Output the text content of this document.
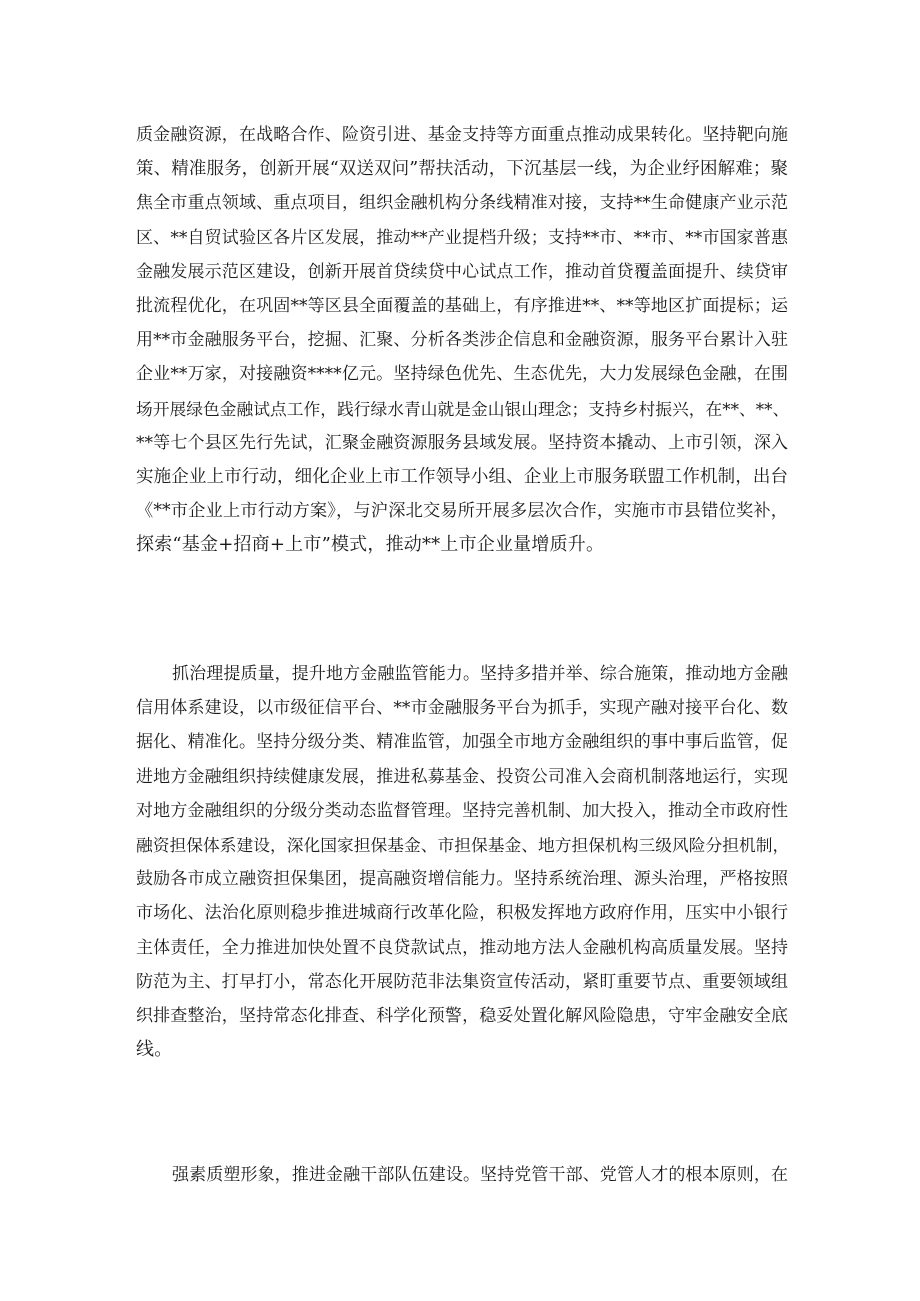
质金融资源，在战略合作、险资引进、基金支持等方面重点推动成果转化。坚持靶向施
策、精准服务，创新开展“双送双问”帮扶活动，下沉基层一线，为企业纾困解难；聚
焦全市重点领域、重点项目，组织金融机构分条线精准对接，支持**生命健康产业示范
区、**自贸试验区各片区发展，推动**产业提档升级；支持**市、**市、**市国家普惠
金融发展示范区建设，创新开展首贷续贷中心试点工作，推动首贷覆盖面提升、续贷审
批流程优化，在巩固**等区县全面覆盖的基础上，有序推进**、**等地区扩面提标；运
用**市金融服务平台，挖掘、汇聚、分析各类涉企信息和金融资源，服务平台累计入驻
企业**万家，对接融资****亿元。坚持绿色优先、生态优先，大力发展绿色金融，在围
场开展绿色金融试点工作，践行绿水青山就是金山银山理念；支持乡村振兴，在**、**、
**等七个县区先行先试，汇聚金融资源服务县域发展。坚持资本撬动、上市引领，深入
实施企业上市行动，细化企业上市工作领导小组、企业上市服务联盟工作机制，出台
《**市企业上市行动方案》，与沪深北交易所开展多层次合作，实施市市县错位奖补，
探索“基金+招商+上市”模式，推动**上市企业量增质升。
抓治理提质量，提升地方金融监管能力。坚持多措并举、综合施策，推动地方金融
信用体系建设，以市级征信平台、**市金融服务平台为抓手，实现产融对接平台化、数
据化、精准化。坚持分级分类、精准监管，加强全市地方金融组织的事中事后监管，促
进地方金融组织持续健康发展，推进私募基金、投资公司准入会商机制落地运行，实现
对地方金融组织的分级分类动态监督管理。坚持完善机制、加大投入，推动全市政府性
融资担保体系建设，深化国家担保基金、市担保基金、地方担保机构三级风险分担机制，
鼓励各市成立融资担保集团，提高融资增信能力。坚持系统治理、源头治理，严格按照
市场化、法治化原则稳步推进城商行改革化险，积极发挥地方政府作用，压实中小银行
主体责任，全力推进加快处置不良贷款试点，推动地方法人金融机构高质量发展。坚持
防范为主、打早打小，常态化开展防范非法集资宣传活动，紧盯重要节点、重要领域组
织排查整治，坚持常态化排查、科学化预警，稳妥处置化解风险隐患，守牢金融安全底
线。
强素质塑形象，推进金融干部队伍建设。坚持党管干部、党管人才的根本原则，在
